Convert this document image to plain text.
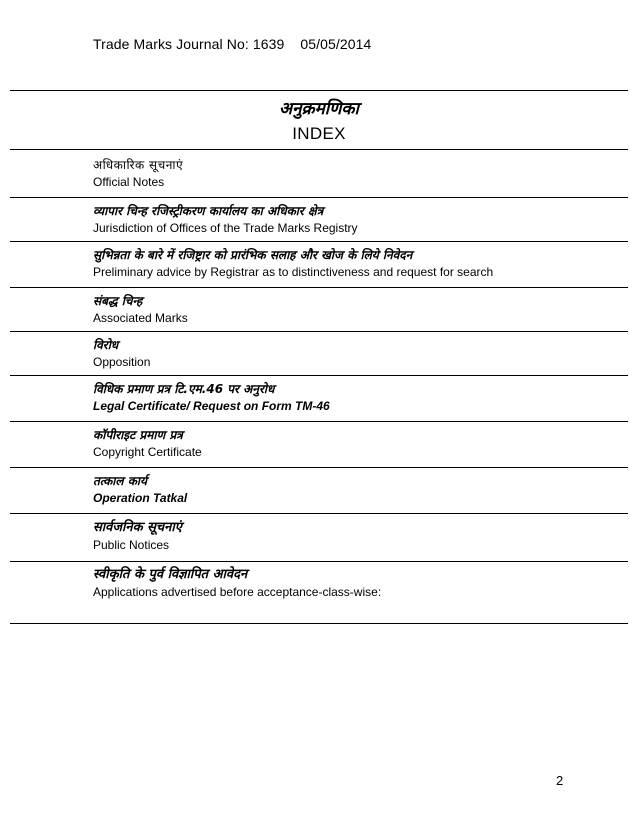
Trade Marks Journal No: 1639 05/05/2014
अनुक्रमणिका
INDEX
अधिकारिक सूचनाएं
Official Notes
व्यापार चिन्ह रजिस्ट्रीकरण कार्यालय का अधिकार क्षेत्र
Jurisdiction of Offices of the Trade Marks Registry
सुभिन्नता के बारे में रजिष्ट्रार को प्रारंभिक सलाह और खोज के लिये निवेदन
Preliminary advice by Registrar as to distinctiveness and request for search
संबद्ध चिन्ह
Associated Marks
विरोध
Opposition
विधिक प्रमाण प्रत्र टि.एम.46 पर अनुरोध
Legal Certificate/ Request on Form TM-46
कॉपीराइट प्रमाण प्रत्र
Copyright Certificate
तत्काल कार्य
Operation Tatkal
सार्वजनिक सूचनाएं
Public Notices
स्वीकृति के पुर्व विज्ञापित आवेदन
Applications advertised before acceptance-class-wise:
2
